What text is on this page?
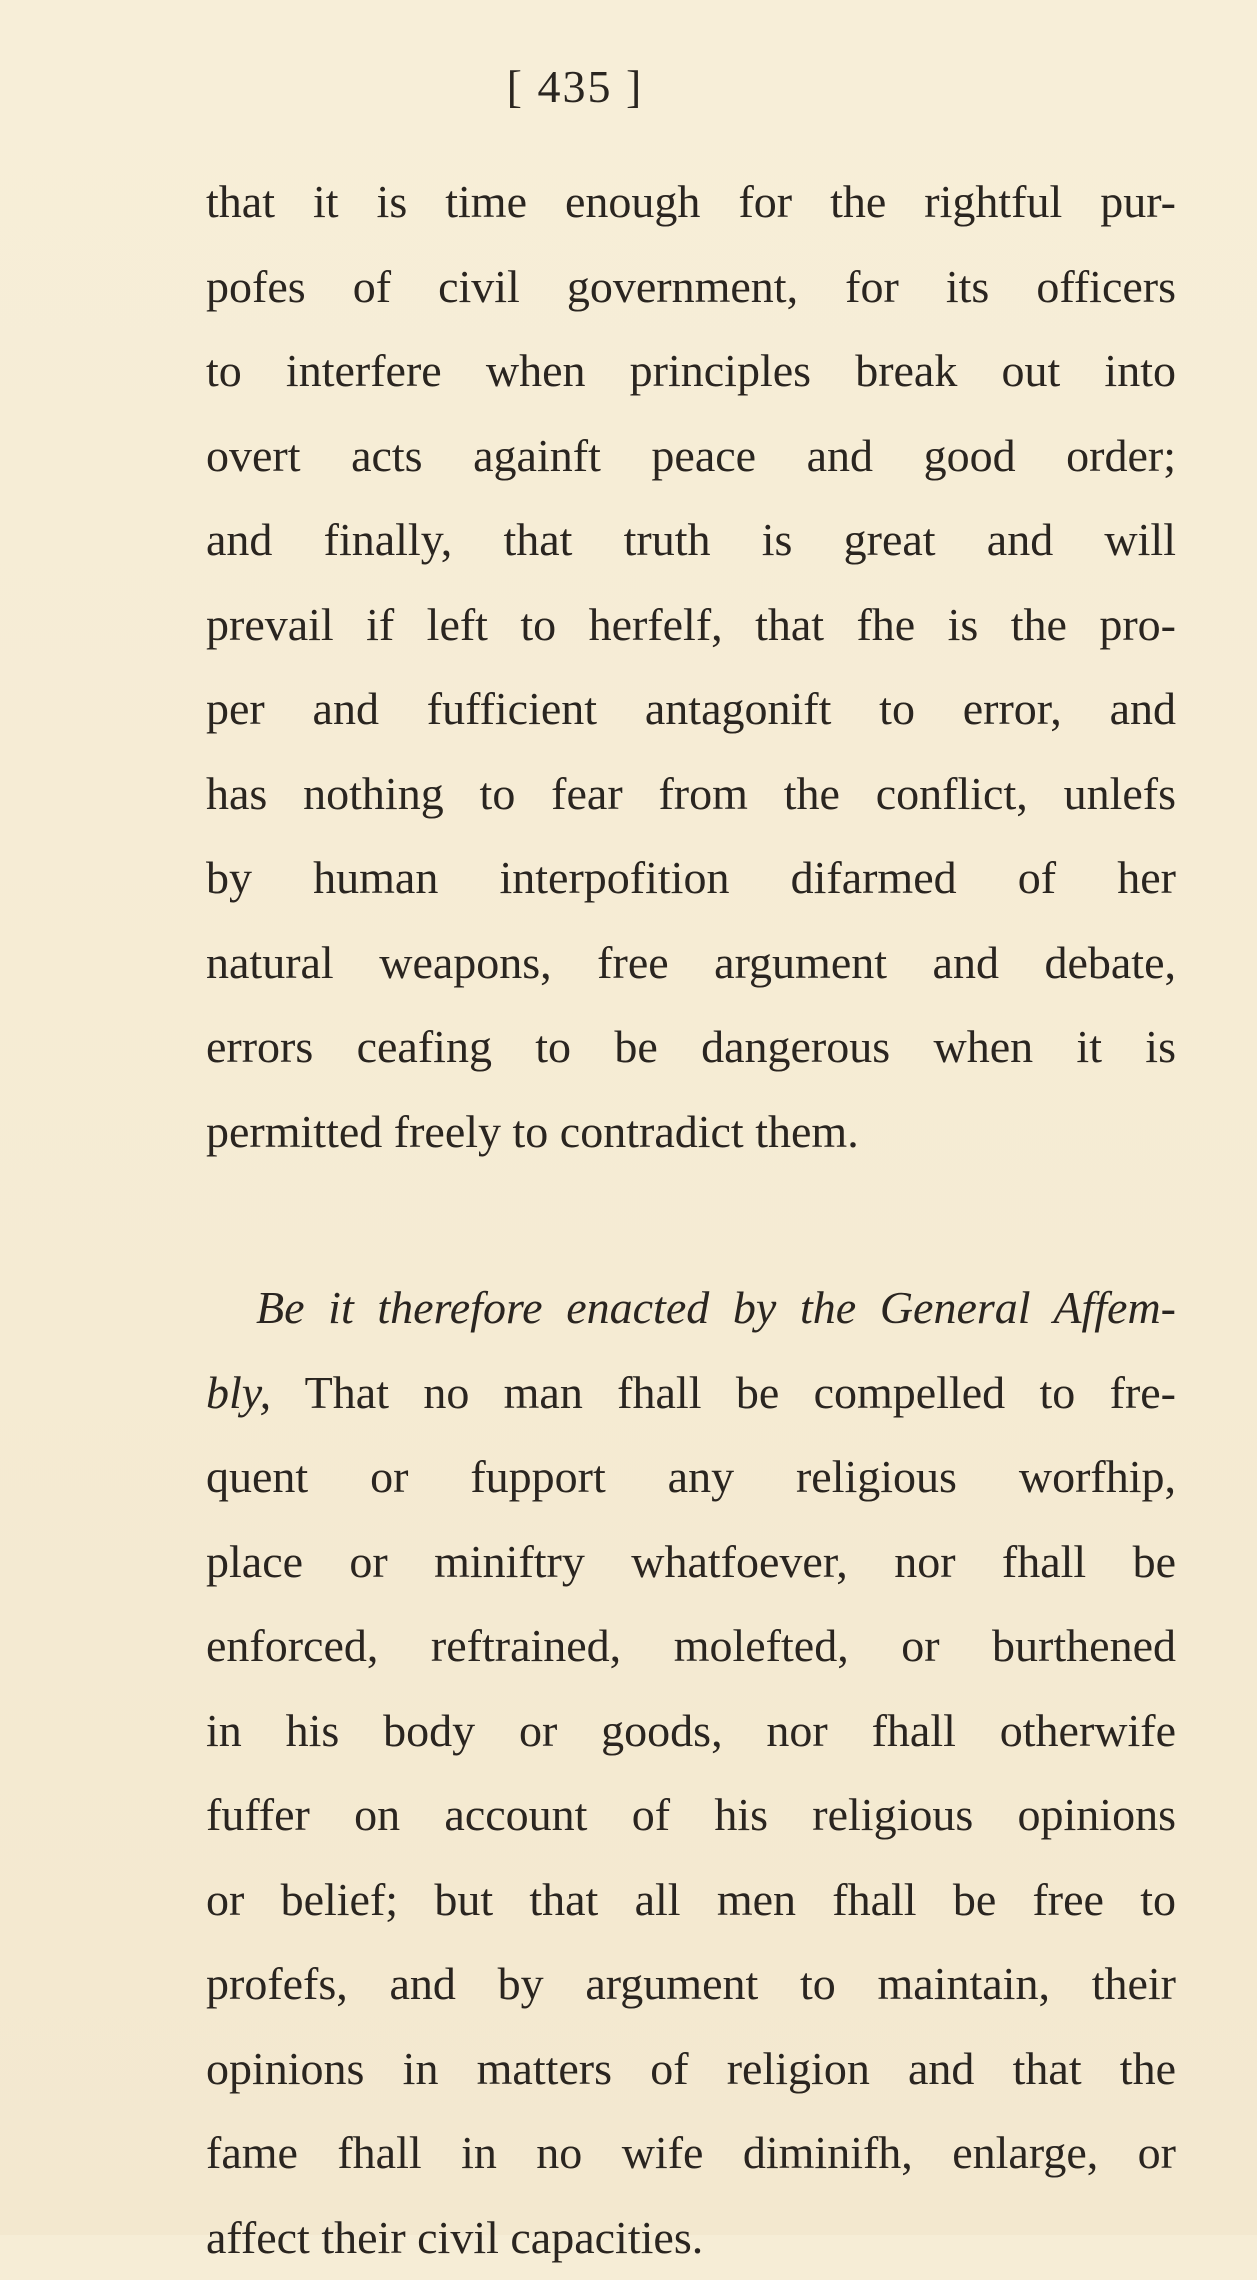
[ 435 ]
that it is time enough for the rightful pur-
pofes of civil government, for its officers
to interfere when principles break out into
overt acts againft peace and good order;
and finally, that truth is great and will
prevail if left to herfelf, that fhe is the pro-
per and fufficient antagonift to error, and
has nothing to fear from the conflict, unlefs
by human interpofition difarmed of her
natural weapons, free argument and debate,
errors ceafing to be dangerous when it is
permitted freely to contradict them.
Be it therefore enacted by the General Affem-
bly, That no man fhall be compelled to fre-
quent or fupport any religious worfhip,
place or miniftry whatfoever, nor fhall be
enforced, reftrained, molefted, or burthened
in his body or goods, nor fhall otherwife
fuffer on account of his religious opinions
or belief; but that all men fhall be free to
profefs, and by argument to maintain, their
opinions in matters of religion and that the
fame fhall in no wife diminifh, enlarge, or
affect their civil capacities.
